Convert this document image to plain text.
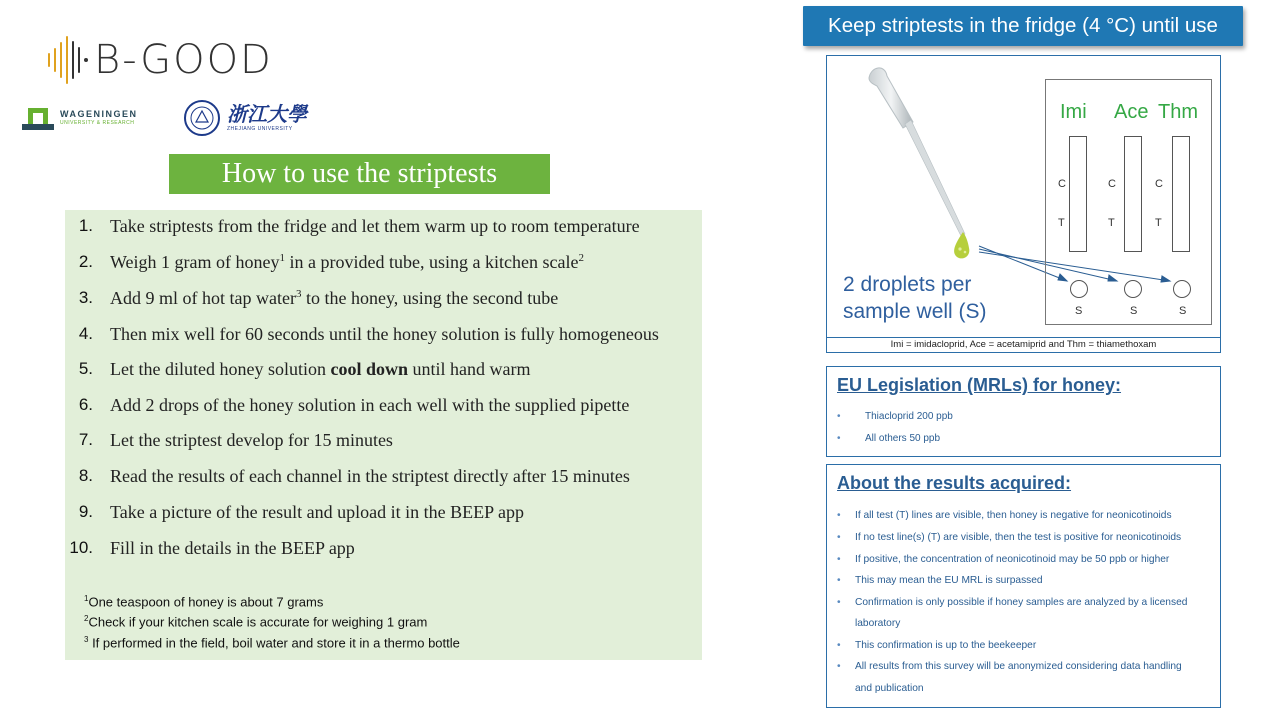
B-GOOD
WAGENINGEN
UNIVERSITY & RESEARCH	浙江大學
ZHEJIANG UNIVERSITY
How to use the striptests
1. Take striptests from the fridge and let them warm up to room temperature
2. Weigh 1 gram of honey$^1$ in a provided tube, using a kitchen scale$^2$
3. Add 9 ml of hot tap water$^3$ to the honey, using the second tube
4. Then mix well for 60 seconds until the honey solution is fully homogeneous
5. Let the diluted honey solution cool down until hand warm
6. Add 2 drops of the honey solution in each well with the supplied pipette
7. Let the striptest develop for 15 minutes
8. Read the results of each channel in the striptest directly after 15 minutes
9. Take a picture of the result and upload it in the BEEP app
10. Fill in the details in the BEEP app
$^1$One teaspoon of honey is about 7 grams
$^2$Check if your kitchen scale is accurate for weighing 1 gram
$^3$ If performed in the field, boil water and store it in a thermo bottle
Keep striptests in the fridge (4 °C) until use
Imi Ace Thm
C	C	C
T	T	T
S	S	S
2 droplets per
sample well (S)
Imi = imidacloprid, Ace = acetamiprid and Thm = thiamethoxam
EU Legislation (MRLs) for honey:
• Thiacloprid 200 ppb
• All others 50 ppb
About the results acquired:
• If all test (T) lines are visible, then honey is negative for neonicotinoids
• If no test line(s) (T) are visible, then the test is positive for neonicotinoids
• If positive, the concentration of neonicotinoid may be 50 ppb or higher
• This may mean the EU MRL is surpassed
• Confirmation is only possible if honey samples are analyzed by a licensed
laboratory
• This confirmation is up to the beekeeper
• All results from this survey will be anonymized considering data handling
and publication
